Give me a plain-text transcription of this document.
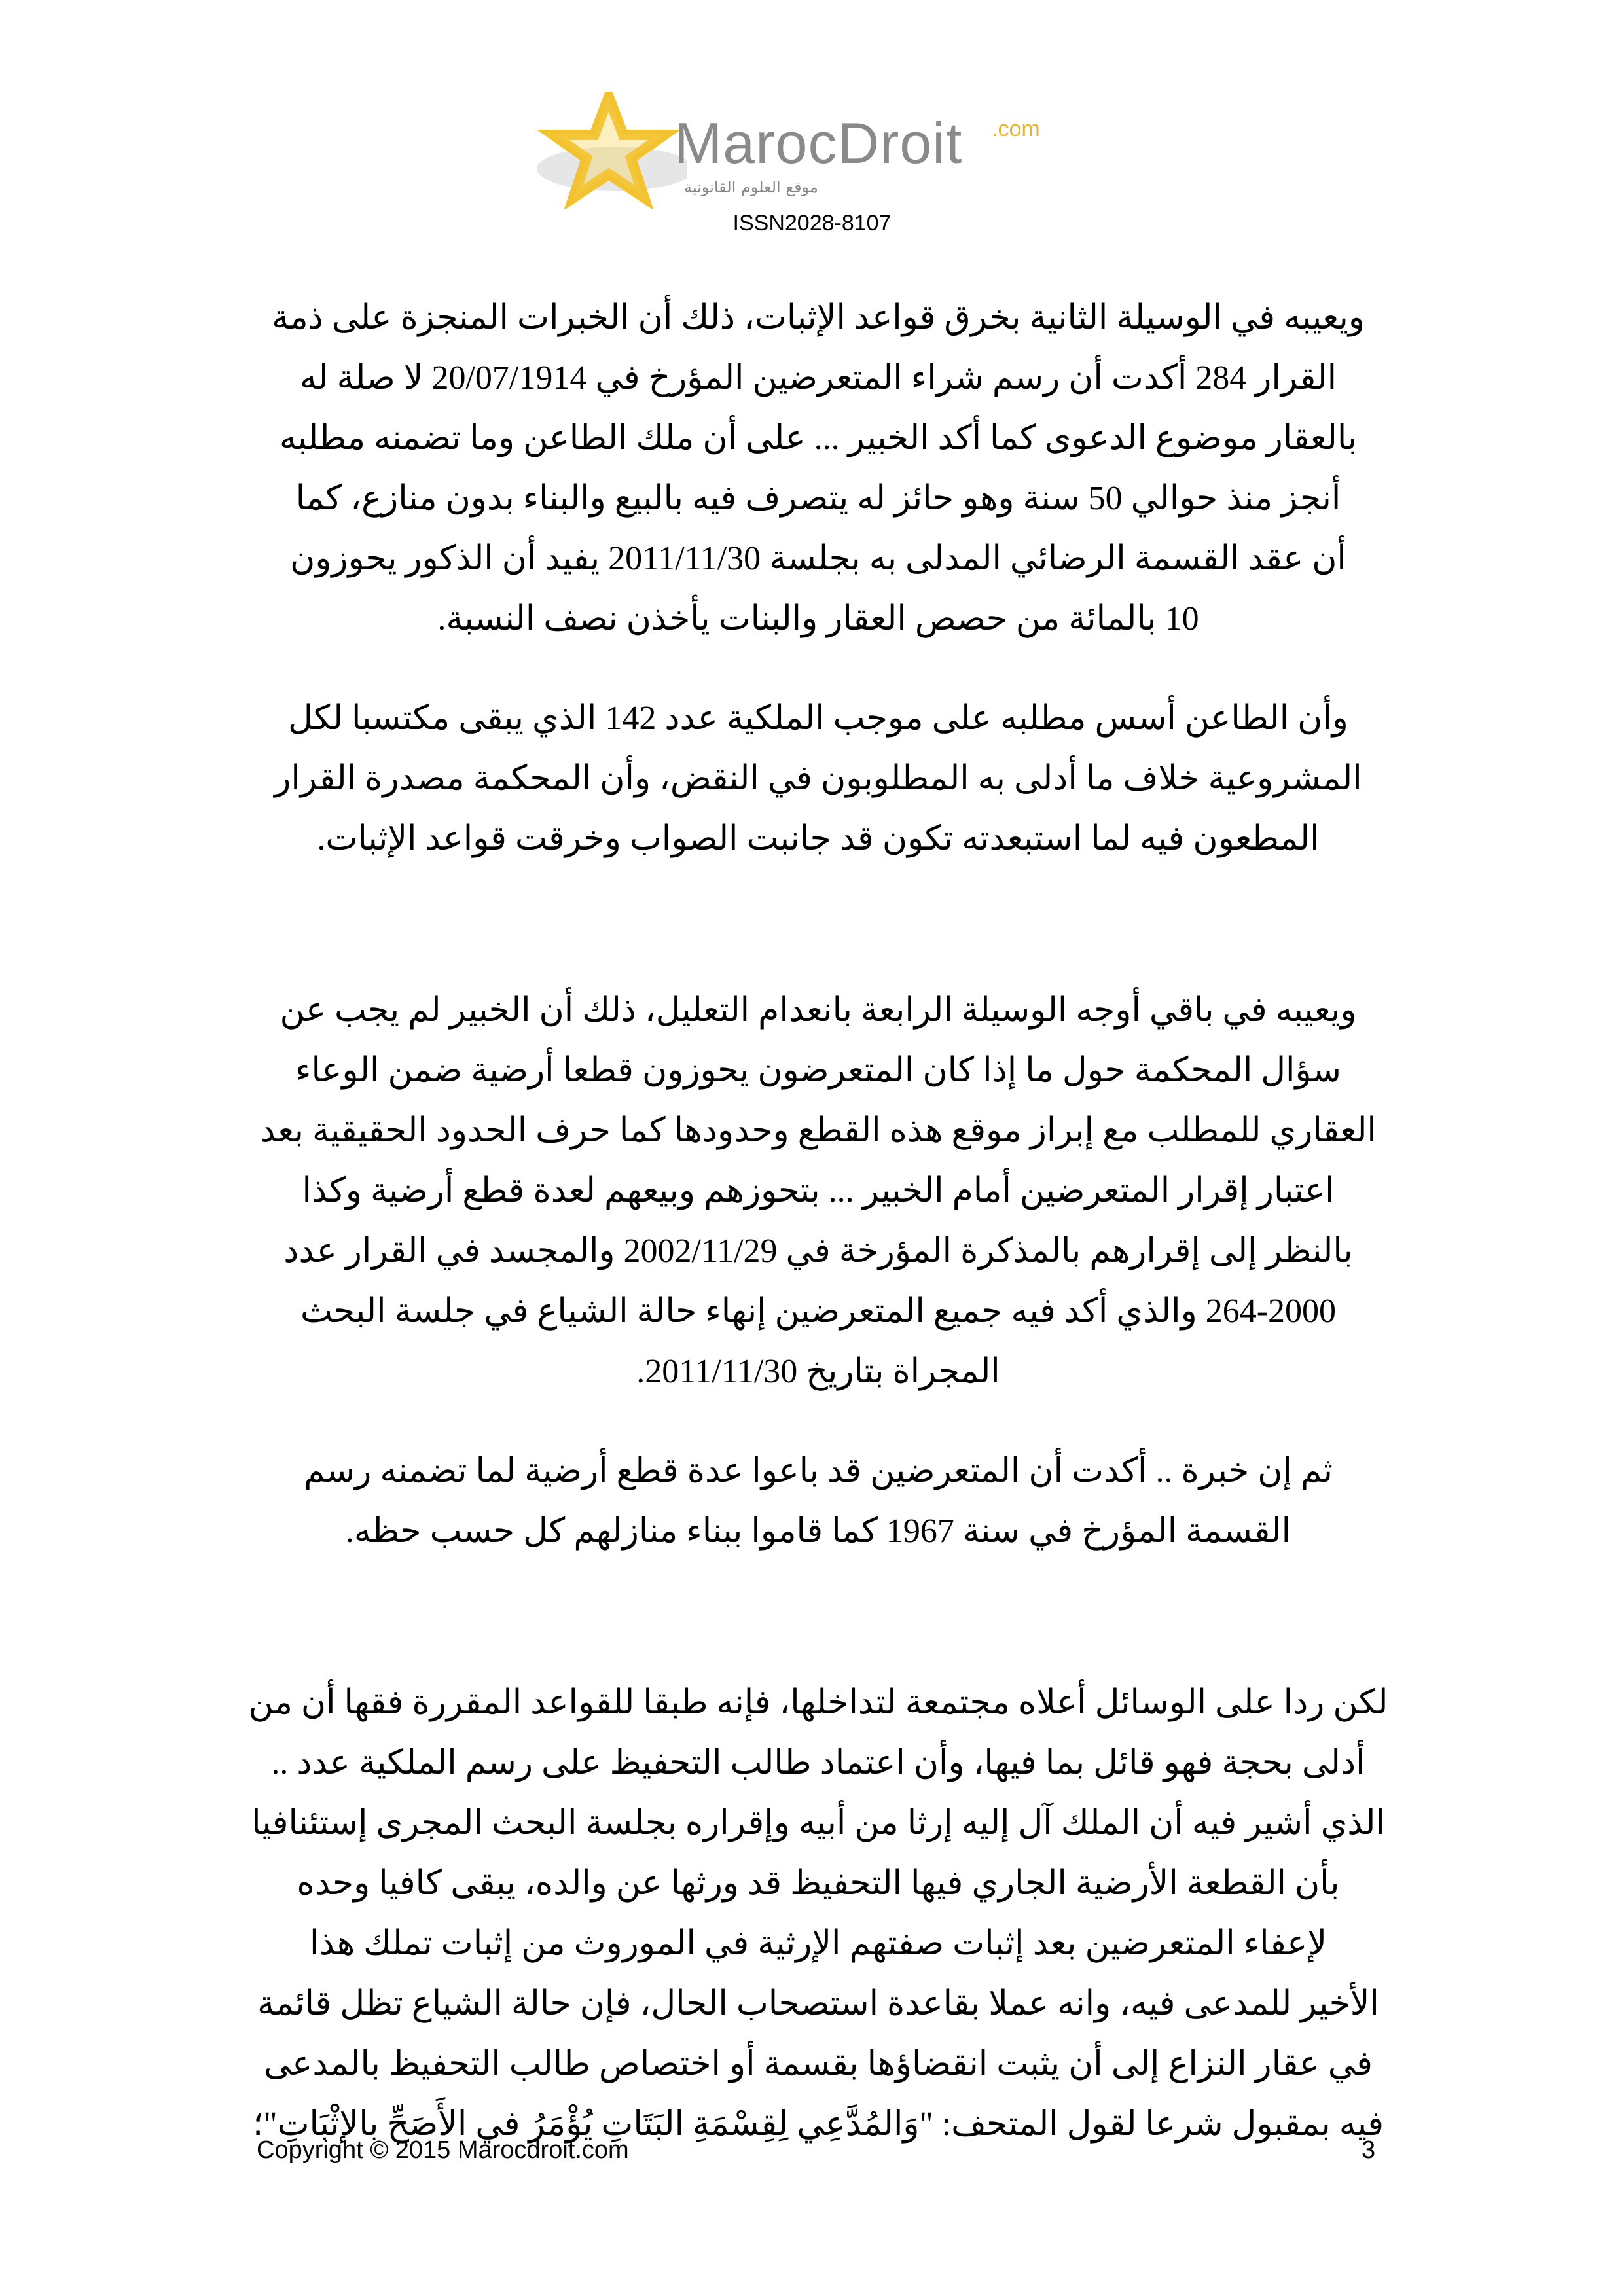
MarocDroit .com
موقع العلوم القانونية
ISSN2028-8107

ويعيبه في الوسيلة الثانية بخرق قواعد الإثبات، ذلك أن الخبرات المنجزة على ذمة
القرار 284 أكدت أن رسم شراء المتعرضين المؤرخ في 20/07/1914 لا صلة له
بالعقار موضوع الدعوى كما أكد الخبير ... على أن ملك الطاعن وما تضمنه مطلبه
أنجز منذ حوالي 50 سنة وهو حائز له يتصرف فيه بالبيع والبناء بدون منازع، كما
أن عقد القسمة الرضائي المدلى به بجلسة 2011/11/30 يفيد أن الذكور يحوزون
10 بالمائة من حصص العقار والبنات يأخذن نصف النسبة.

وأن الطاعن أسس مطلبه على موجب الملكية عدد 142 الذي يبقى مكتسبا لكل
المشروعية خلاف ما أدلى به المطلوبون في النقض، وأن المحكمة مصدرة القرار
المطعون فيه لما استبعدته تكون قد جانبت الصواب وخرقت قواعد الإثبات.

ويعيبه في باقي أوجه الوسيلة الرابعة بانعدام التعليل، ذلك أن الخبير لم يجب عن
سؤال المحكمة حول ما إذا كان المتعرضون يحوزون قطعا أرضية ضمن الوعاء
العقاري للمطلب مع إبراز موقع هذه القطع وحدودها كما حرف الحدود الحقيقية بعد
اعتبار إقرار المتعرضين أمام الخبير ... بتحوزهم وبيعهم لعدة قطع أرضية وكذا
بالنظر إلى إقرارهم بالمذكرة المؤرخة في 2002/11/29 والمجسد في القرار عدد
264-2000 والذي أكد فيه جميع المتعرضين إنهاء حالة الشياع في جلسة البحث
المجراة بتاريخ 2011/11/30.

ثم إن خبرة .. أكدت أن المتعرضين قد باعوا عدة قطع أرضية لما تضمنه رسم
القسمة المؤرخ في سنة 1967 كما قاموا ببناء منازلهم كل حسب حظه.

لكن ردا على الوسائل أعلاه مجتمعة لتداخلها، فإنه طبقا للقواعد المقررة فقها أن من
أدلى بحجة فهو قائل بما فيها، وأن اعتماد طالب التحفيظ على رسم الملكية عدد ..
الذي أشير فيه أن الملك آل إليه إرثا من أبيه وإقراره بجلسة البحث المجرى إستئنافيا
بأن القطعة الأرضية الجاري فيها التحفيظ قد ورثها عن والده، يبقى كافيا وحده
لإعفاء المتعرضين بعد إثبات صفتهم الإرثية في الموروث من إثبات تملك هذا
الأخير للمدعى فيه، وانه عملا بقاعدة استصحاب الحال، فإن حالة الشياع تظل قائمة
في عقار النزاع إلى أن يثبت انقضاؤها بقسمة أو اختصاص طالب التحفيظ بالمدعى
فيه بمقبول شرعا لقول المتحف: "وَالمُدَّعِي لِقِسْمَةِ البَتَاتِ يُؤْمَرُ في الأَصَحِّ بالإثْبَاتِ"؛

Copyright © 2015 Marocdroit.com	3
